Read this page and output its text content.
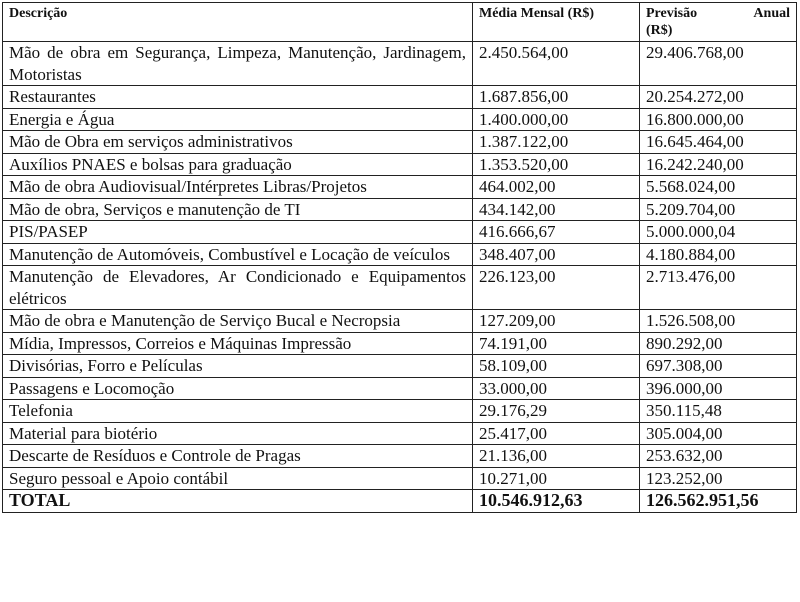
Descrição	Média Mensal (R$)	Previsão Anual
(R$)

Mão de obra em Segurança, Limpeza, Manutenção, Jardinagem, Motoristas	2.450.564,00	29.406.768,00
Restaurantes	1.687.856,00	20.254.272,00
Energia e Água	1.400.000,00	16.800.000,00
Mão de Obra em serviços administrativos	1.387.122,00	16.645.464,00
Auxílios PNAES e bolsas para graduação	1.353.520,00	16.242.240,00
Mão de obra Audiovisual/Intérpretes Libras/Projetos	464.002,00	5.568.024,00
Mão de obra, Serviços e manutenção de TI	434.142,00	5.209.704,00
PIS/PASEP	416.666,67	5.000.000,04
Manutenção de Automóveis, Combustível e Locação de veículos	348.407,00	4.180.884,00
Manutenção de Elevadores, Ar Condicionado e Equipamentos elétricos	226.123,00	2.713.476,00
Mão de obra e Manutenção de Serviço Bucal e Necropsia	127.209,00	1.526.508,00
Mídia, Impressos, Correios e Máquinas Impressão	74.191,00	890.292,00
Divisórias, Forro e Películas	58.109,00	697.308,00
Passagens e Locomoção	33.000,00	396.000,00
Telefonia	29.176,29	350.115,48
Material para biotério	25.417,00	305.004,00
Descarte de Resíduos e Controle de Pragas	21.136,00	253.632,00
Seguro pessoal e Apoio contábil	10.271,00	123.252,00
TOTAL	10.546.912,63	126.562.951,56
